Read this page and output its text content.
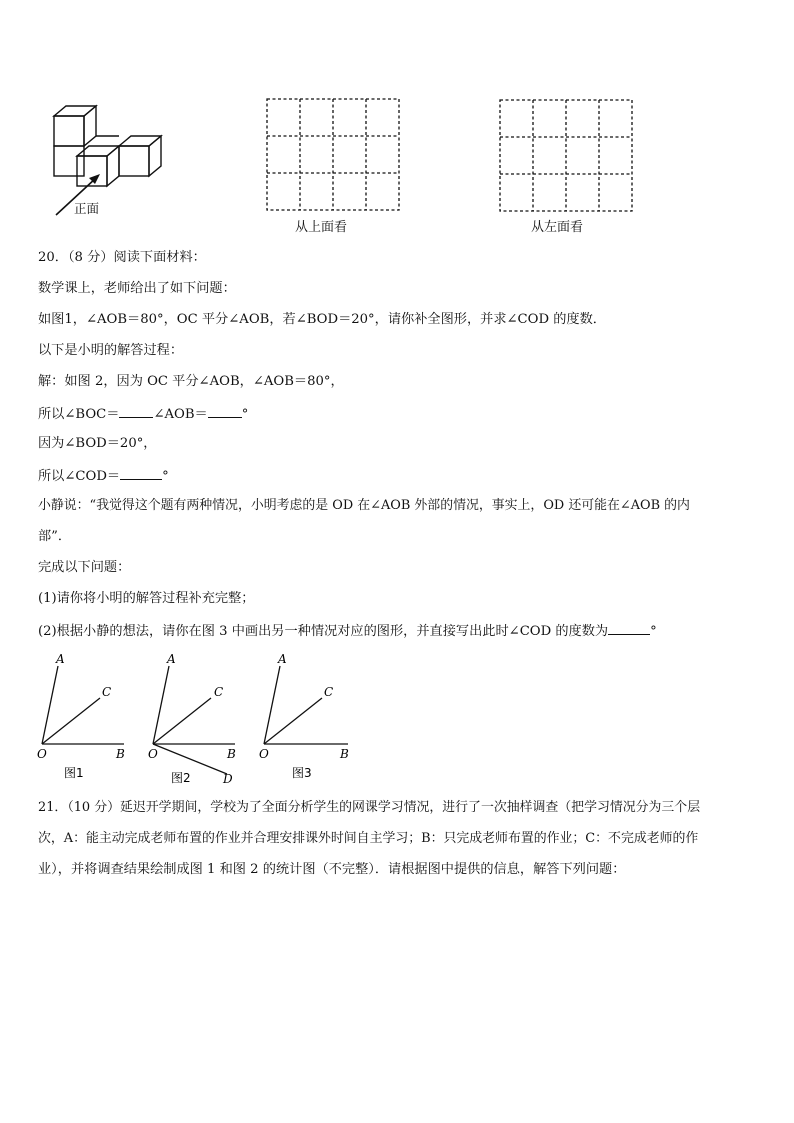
正面
从上面看	从左面看
20．（8 分）阅读下面材料：
数学课上，老师给出了如下问题：
如图1，∠AOB＝80°，OC 平分∠AOB，若∠BOD＝20°，请你补全图形，并求∠COD 的度数．
以下是小明的解答过程：
解：如图 2，因为 OC 平分∠AOB，∠AOB＝80°，
所以∠BOC＝	∠AOB＝	°
因为∠BOD＝20°，
所以∠COD＝	°
小静说：“我觉得这个题有两种情况，小明考虑的是 OD 在∠AOB 外部的情况，事实上，OD 还可能在∠AOB 的内
部”．
完成以下问题：
(1)请你将小明的解答过程补充完整；
(2)根据小静的想法，请你在图 3 中画出另一种情况对应的图形，并直接写出此时∠COD 的度数为	°
A
C
O	B
图1
A
C
O	B
D
图2
A
C
O	B
图3
21．（10 分）延迟开学期间，学校为了全面分析学生的网课学习情况，进行了一次抽样调查（把学习情况分为三个层
次，A：能主动完成老师布置的作业并合理安排课外时间自主学习；B：只完成老师布置的作业；C：不完成老师的作
业），并将调查结果绘制成图 1 和图 2 的统计图（不完整）．请根据图中提供的信息，解答下列问题：
